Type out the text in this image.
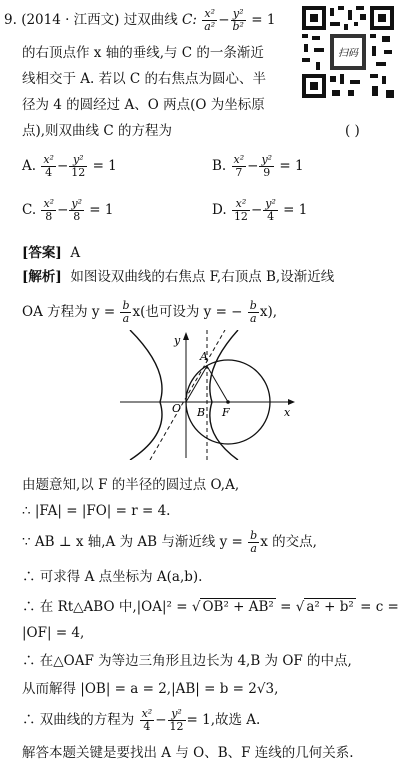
9. (2014 · 江西文) 过双曲线 C: $\frac{\text{x²}}{\text{a²}} - \frac{\text{y²}}{\text{b²}} = 1$
的右顶点作 x 轴的垂线,与 C 的一条渐近
线相交于 A. 若以 C 的右焦点为圆心、半
径为 4 的圆经过 A、O 两点(O 为坐标原
点),则双曲线 C 的方程为	( )
扫码
A. $\frac{\text{x²}}{4} - \frac{\text{y²}}{12} = 1$	B. $\frac{\text{x²}}{7} - \frac{\text{y²}}{9} = 1$
C. $\frac{\text{x²}}{8} - \frac{\text{y²}}{8} = 1$	D. $\frac{\text{x²}}{12} - \frac{\text{y²}}{4} = 1$
[答案] A
[解析] 如图设双曲线的右焦点 F,右顶点 B,设渐近线
OA 方程为 $y = \frac{b}{a} x$(也可设为 y = − $\frac{b}{a} x$),
A
O B F	x
y
由题意知,以 F 的半径的圆过点 O,A,
∴ |FA| = |FO| = r = 4.
∵ AB ⊥ x 轴,A 为 AB 与渐近线 $y = \frac{b}{a}$ x 的交点,
∴ 可求得 A 点坐标为 A(a,b).
∴ 在 Rt△ABO 中,|OA|² = √ OB² + AB² = √ a² + b² = c =
|OF| = 4,
∴ 在△OAF 为等边三角形且边长为 4,B 为 OF 的中点,
从而解得 |OB| = a = 2,|AB| = b = 2√3,
∴ 双曲线的方程为 $\frac{\text{x²}}{4} - \frac{\text{y²}}{12} = 1$,故选 A.
解答本题关键是要找出 A 与 O、B、F 连线的几何关系.
